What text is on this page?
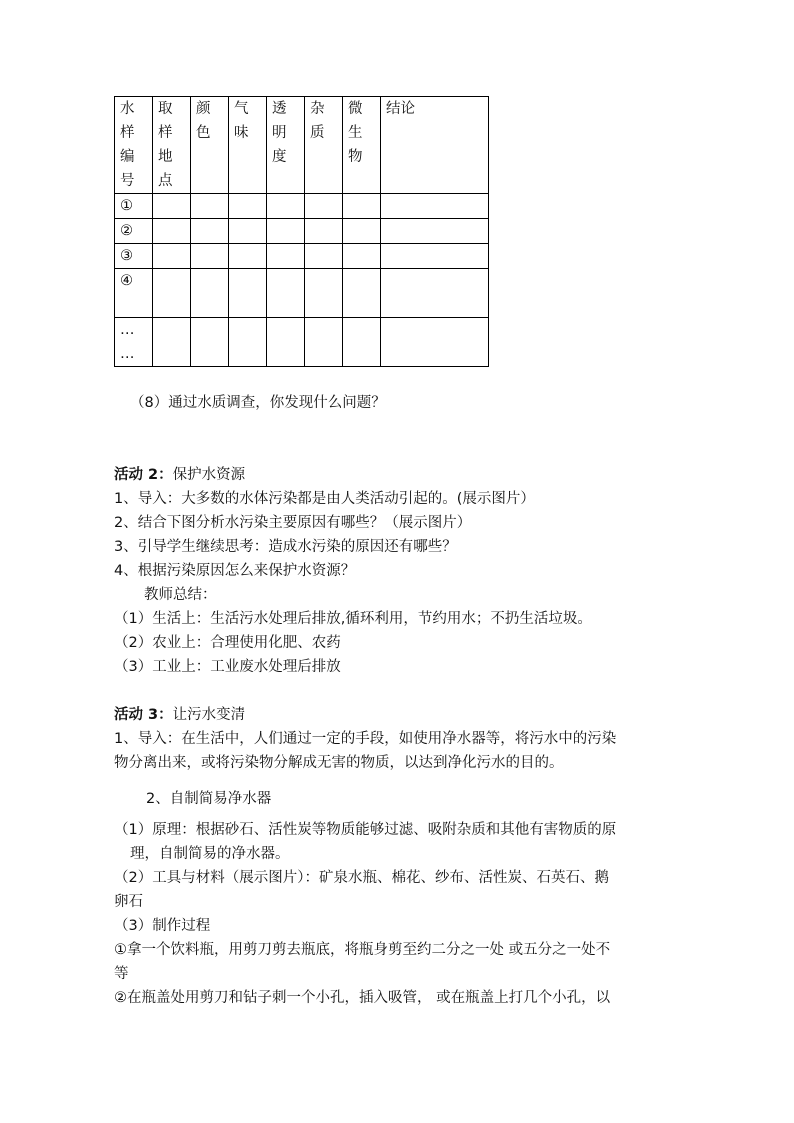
水
样
编
号	取
样
地
点	颜
色	气
味	透
明
度	杂
质	微
生
物	结论
①							
②							
③							
④							
…
…							
（8）通过水质调查，你发现什么问题？
活动 2：保护水资源
1、导入：大多数的水体污染都是由人类活动引起的。(展示图片）
2、结合下图分析水污染主要原因有哪些？（展示图片）
3、引导学生继续思考：造成水污染的原因还有哪些？
4、根据污染原因怎么来保护水资源？
教师总结：
（1）生活上：生活污水处理后排放,循环利用，节约用水；不扔生活垃圾。
（2）农业上：合理使用化肥、农药
（3）工业上：工业废水处理后排放
活动 3：让污水变清
1、导入：在生活中，人们通过一定的手段，如使用净水器等，将污水中的污染
物分离出来，或将污染物分解成无害的物质，以达到净化污水的目的。
2、自制简易净水器
（1）原理：根据砂石、活性炭等物质能够过滤、吸附杂质和其他有害物质的原
理，自制简易的净水器。
（2）工具与材料（展示图片）：矿泉水瓶、棉花、纱布、活性炭、石英石、鹅
卵石
（3）制作过程
①拿一个饮料瓶，用剪刀剪去瓶底，将瓶身剪至约二分之一处 或五分之一处不
等
②在瓶盖处用剪刀和钻子刺一个小孔，插入吸管， 或在瓶盖上打几个小孔，以
